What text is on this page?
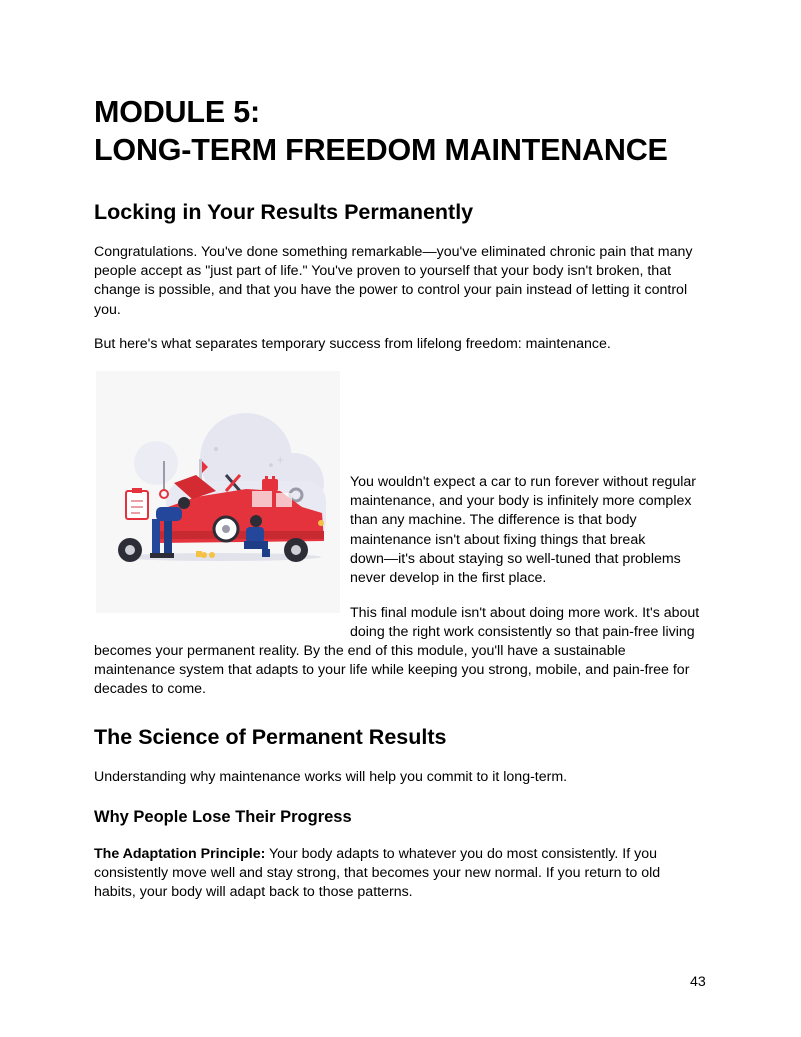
MODULE 5:
LONG-TERM FREEDOM MAINTENANCE
Locking in Your Results Permanently

Congratulations. You've done something remarkable—you've eliminated chronic pain that many
people accept as "just part of life." You've proven to yourself that your body isn't broken, that
change is possible, and that you have the power to control your pain instead of letting it control
you.

But here's what separates temporary success from lifelong freedom: maintenance.

+

You wouldn't expect a car to run forever without regular
maintenance, and your body is infinitely more complex
than any machine. The difference is that body
maintenance isn't about fixing things that break
down—it's about staying so well-tuned that problems
never develop in the first place.

This final module isn't about doing more work. It's about
doing the right work consistently so that pain-free living

becomes your permanent reality. By the end of this module, you'll have a sustainable
maintenance system that adapts to your life while keeping you strong, mobile, and pain-free for
decades to come.

The Science of Permanent Results

Understanding why maintenance works will help you commit to it long-term.

Why People Lose Their Progress

The Adaptation Principle: Your body adapts to whatever you do most consistently. If you
consistently move well and stay strong, that becomes your new normal. If you return to old
habits, your body will adapt back to those patterns.

43
